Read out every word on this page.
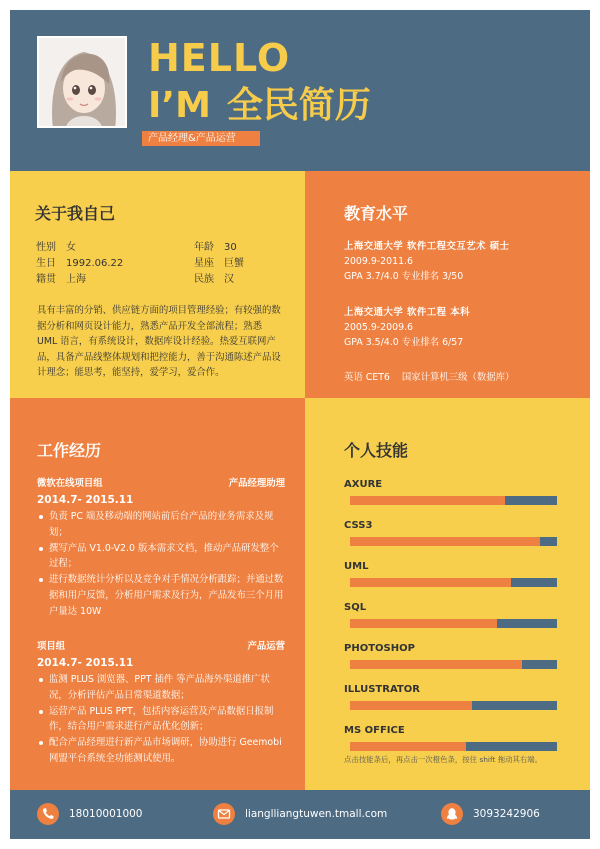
HELLO
I’M 全民简历
产品经理&产品运营
关于我自己
性别 女	年龄 30
生日 1992.06.22	星座 巨蟹
籍贯 上海	民族 汉
具有丰富的分销、供应链方面的项目管理经验；有较强的数据分析和网页设计能力，熟悉产品开发全部流程；熟悉 UML 语言，有系统设计，数据库设计经验。热爱互联网产品，具备产品线整体规划和把控能力，善于沟通陈述产品设计理念；能思考，能坚持，爱学习，爱合作。
教育水平
上海交通大学 软件工程交互艺术 硕士
2009.9-2011.6
GPA 3.7/4.0 专业排名 3/50
上海交通大学 软件工程 本科
2005.9-2009.6
GPA 3.5/4.0 专业排名 6/57
英语 CET6 国家计算机三级（数据库）
工作经历
微软在线项目组	产品经理助理
2014.7- 2015.11
负责 PC 端及移动端的网站前后台产品的业务需求及规划；
撰写产品 V1.0-V2.0 版本需求文档，推动产品研发整个过程；
进行数据统计分析以及竞争对手情况分析跟踪；并通过数据和用户反馈，分析用户需求及行为，产品发布三个月用户量达 10W
项目组	产品运营
2014.7- 2015.11
监测 PLUS 浏览器、PPT 插件 等产品海外渠道推广状况，分析评估产品日常渠道数据；
运营产品 PLUS PPT，包括内容运营及产品数据日报制作，结合用户需求进行产品优化创新；
配合产品经理进行新产品市场调研，协助进行 Geemobi 网盟平台系统全功能测试使用。
个人技能
AXURE
CSS3
UML
SQL
PHOTOSHOP
ILLUSTRATOR
MS OFFICE
点击技能条后，再点击一次橙色条，按住 shift 拖动其右端。
18010001000	lianglliangtuwen.tmall.com	3093242906
